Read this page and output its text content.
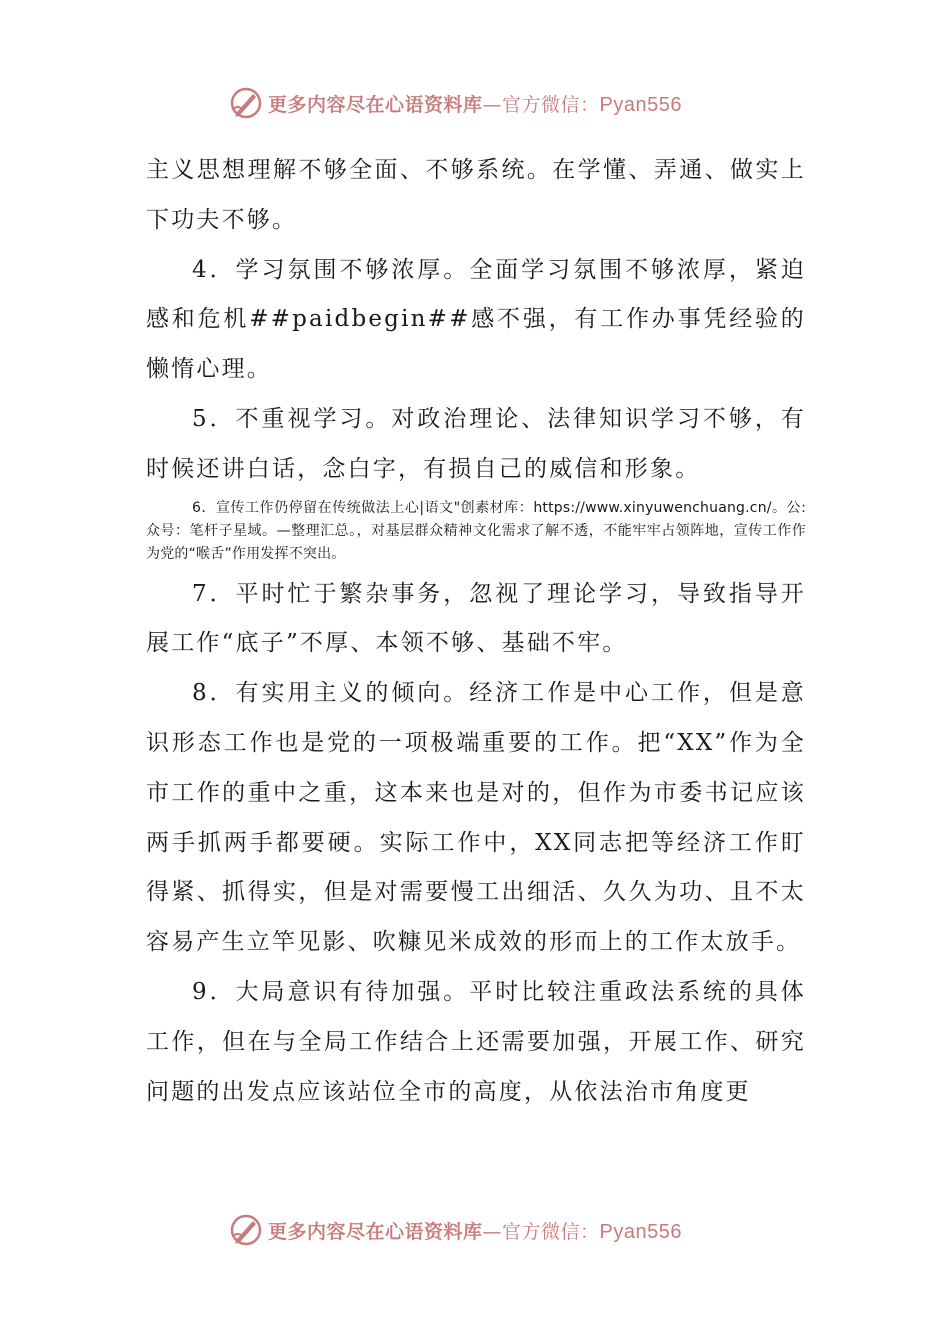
更多内容尽在心语资料库—官方微信：Pyan556

主义思想理解不够全面、不够系统。在学懂、弄通、做实上下功夫不够。

4．学习氛围不够浓厚。全面学习氛围不够浓厚，紧迫感和危机##paidbegin##感不强，有工作办事凭经验的懒惰心理。

5．不重视学习。对政治理论、法律知识学习不够，有时候还讲白话，念白字，有损自己的威信和形象。

6．宣传工作仍停留在传统做法上心|语文"创素材库：https://www.xinyuwenchuang.cn/。公:众号：笔杆子星域。—整理汇总。，对基层群众精神文化需求了解不透，不能牢牢占领阵地，宣传工作作为党的“喉舌”作用发挥不突出。

7．平时忙于繁杂事务，忽视了理论学习，导致指导开展工作“底子”不厚、本领不够、基础不牢。

8．有实用主义的倾向。经济工作是中心工作，但是意识形态工作也是党的一项极端重要的工作。把“XX”作为全市工作的重中之重，这本来也是对的，但作为市委书记应该两手抓两手都要硬。实际工作中，XX同志把等经济工作盯得紧、抓得实，但是对需要慢工出细活、久久为功、且不太容易产生立竿见影、吹糠见米成效的形而上的工作太放手。

9．大局意识有待加强。平时比较注重政法系统的具体工作，但在与全局工作结合上还需要加强，开展工作、研究问题的出发点应该站位全市的高度，从依法治市角度更

更多内容尽在心语资料库—官方微信：Pyan556
